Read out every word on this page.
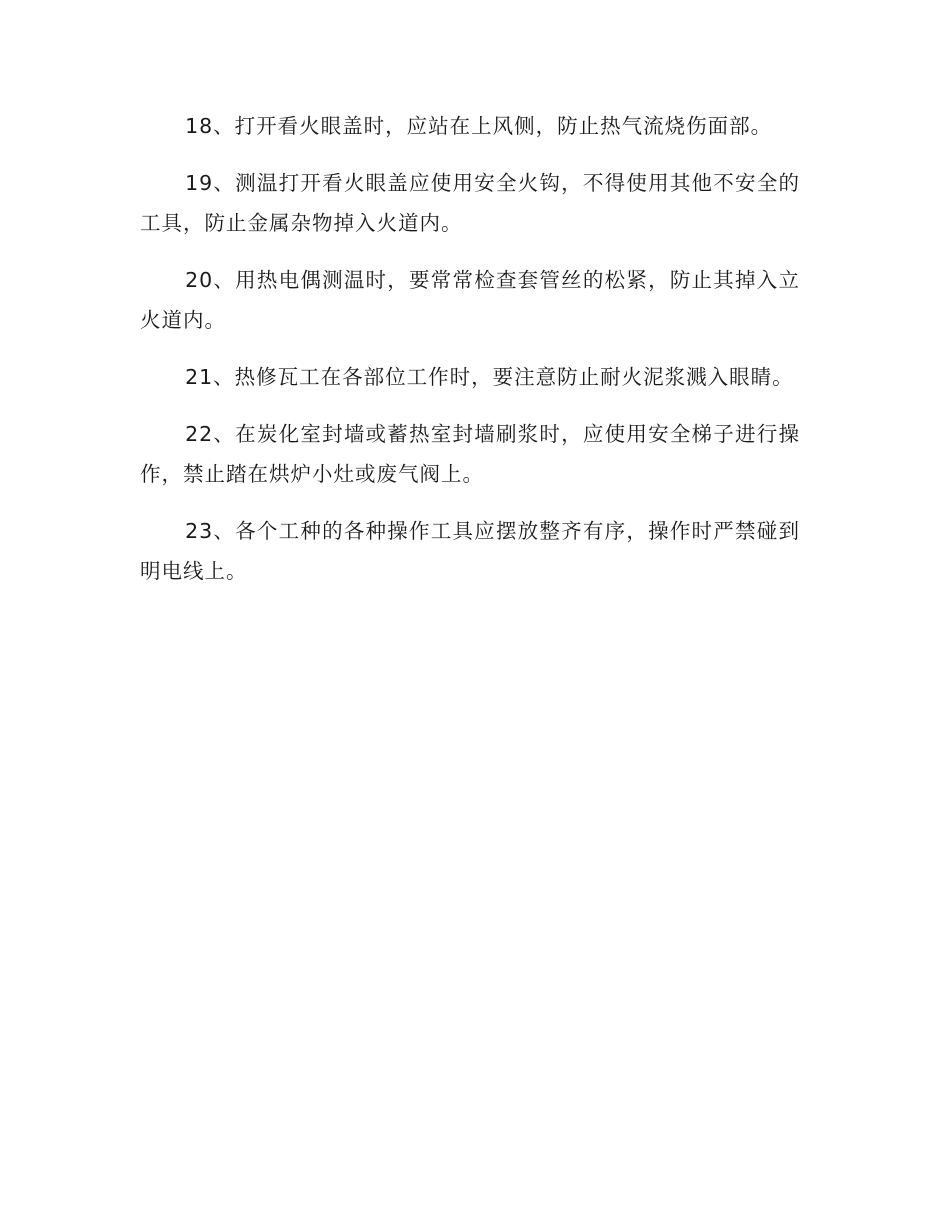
18、打开看火眼盖时，应站在上风侧，防止热气流烧伤面部。

19、测温打开看火眼盖应使用安全火钩，不得使用其他不安全的工具，防止金属杂物掉入火道内。

20、用热电偶测温时，要常常检查套管丝的松紧，防止其掉入立火道内。

21、热修瓦工在各部位工作时，要注意防止耐火泥浆溅入眼睛。

22、在炭化室封墙或蓄热室封墙刷浆时，应使用安全梯子进行操作，禁止踏在烘炉小灶或废气阀上。

23、各个工种的各种操作工具应摆放整齐有序，操作时严禁碰到明电线上。
